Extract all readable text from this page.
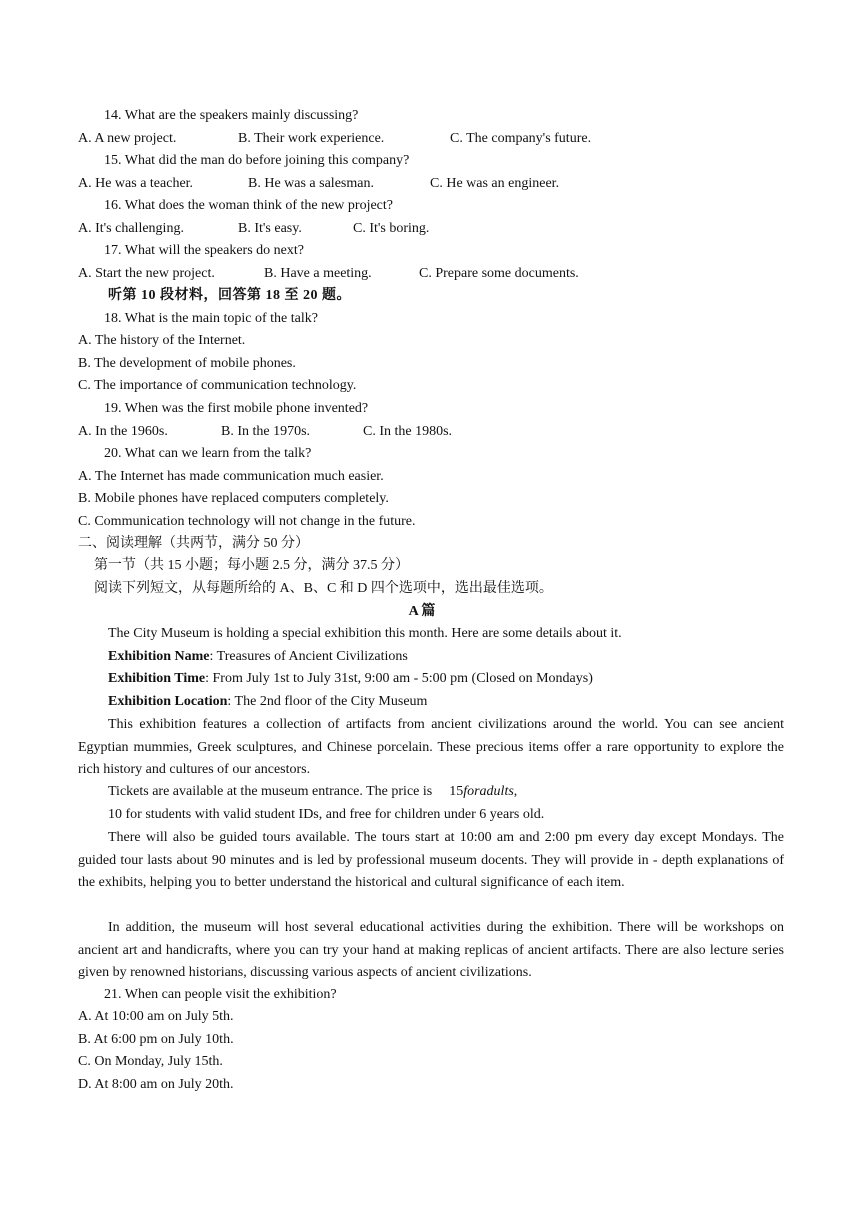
14. What are the speakers mainly discussing?
A. A new project.	B. Their work experience.	C. The company's future.
15. What did the man do before joining this company?
A. He was a teacher.	B. He was a salesman.	C. He was an engineer.
16. What does the woman think of the new project?
A. It's challenging.	B. It's easy.	C. It's boring.
17. What will the speakers do next?
A. Start the new project.	B. Have a meeting.	C. Prepare some documents.
听第 10 段材料，回答第 18 至 20 题。
18. What is the main topic of the talk?
A. The history of the Internet.
B. The development of mobile phones.
C. The importance of communication technology.
19. When was the first mobile phone invented?
A. In the 1960s.	B. In the 1970s.	C. In the 1980s.
20. What can we learn from the talk?
A. The Internet has made communication much easier.
B. Mobile phones have replaced computers completely.
C. Communication technology will not change in the future.
二、阅读理解（共两节，满分 50 分）
第一节（共 15 小题；每小题 2.5 分，满分 37.5 分）
阅读下列短文，从每题所给的 A、B、C 和 D 四个选项中，选出最佳选项。
A 篇
The City Museum is holding a special exhibition this month. Here are some details about it.
Exhibition Name: Treasures of Ancient Civilizations
Exhibition Time: From July 1st to July 31st, 9:00 am - 5:00 pm (Closed on Mondays)
Exhibition Location: The 2nd floor of the City Museum
This exhibition features a collection of artifacts from ancient civilizations around the world. You can see ancient Egyptian mummies, Greek sculptures, and Chinese porcelain. These precious items offer a rare opportunity to explore the rich history and cultures of our ancestors.
Tickets are available at the museum entrance. The price is 15foradults,
10 for students with valid student IDs, and free for children under 6 years old.
There will also be guided tours available. The tours start at 10:00 am and 2:00 pm every day except Mondays. The guided tour lasts about 90 minutes and is led by professional museum docents. They will provide in - depth explanations of the exhibits, helping you to better understand the historical and cultural significance of each item.
In addition, the museum will host several educational activities during the exhibition. There will be workshops on ancient art and handicrafts, where you can try your hand at making replicas of ancient artifacts. There are also lecture series given by renowned historians, discussing various aspects of ancient civilizations.
21. When can people visit the exhibition?
A. At 10:00 am on July 5th.
B. At 6:00 pm on July 10th.
C. On Monday, July 15th.
D. At 8:00 am on July 20th.
